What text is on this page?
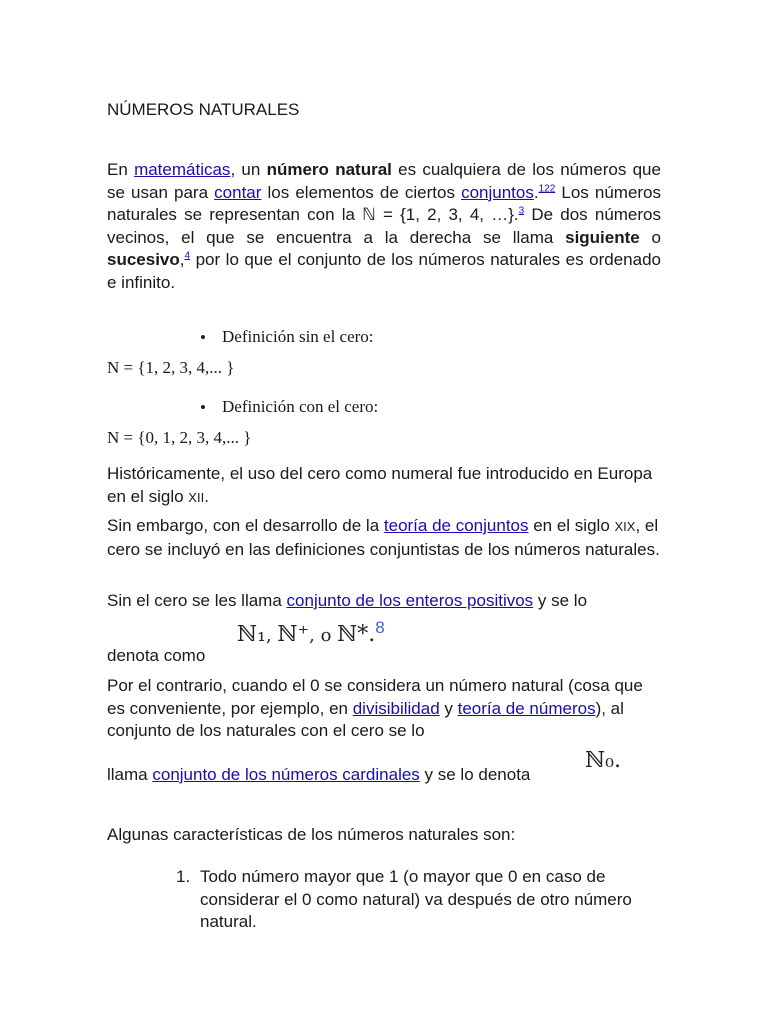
NÚMEROS NATURALES

En matemáticas, un número natural es cualquiera de los números que se usan para contar los elementos de ciertos conjuntos.$^{122}$ Los números naturales se representan con la ℕ = {1, 2, 3, 4, …}.$^3$ De dos números vecinos, el que se encuentra a la derecha se llama siguiente o sucesivo,$^4$ por lo que el conjunto de los números naturales es ordenado e infinito.

• Definición sin el cero:
N = {1, 2, 3, 4,... }
• Definición con el cero:
N = {0, 1, 2, 3, 4,... }

Históricamente, el uso del cero como numeral fue introducido en Europa en el siglo XII.

Sin embargo, con el desarrollo de la teoría de conjuntos en el siglo XIX, el cero se incluyó en las definiciones conjuntistas de los números naturales.

Sin el cero se les llama conjunto de los enteros positivos y se lo
ℕ₁, ℕ⁺, o ℕ*.8
denota como

Por el contrario, cuando el 0 se considera un número natural (cosa que es conveniente, por ejemplo, en divisibilidad y teoría de números), al conjunto de los naturales con el cero se lo

llama conjunto de los números cardinales y se lo denota
ℕ₀.
Algunas características de los números naturales son:
1. Todo número mayor que 1 (o mayor que 0 en caso de considerar el 0 como natural) va después de otro número natural.
